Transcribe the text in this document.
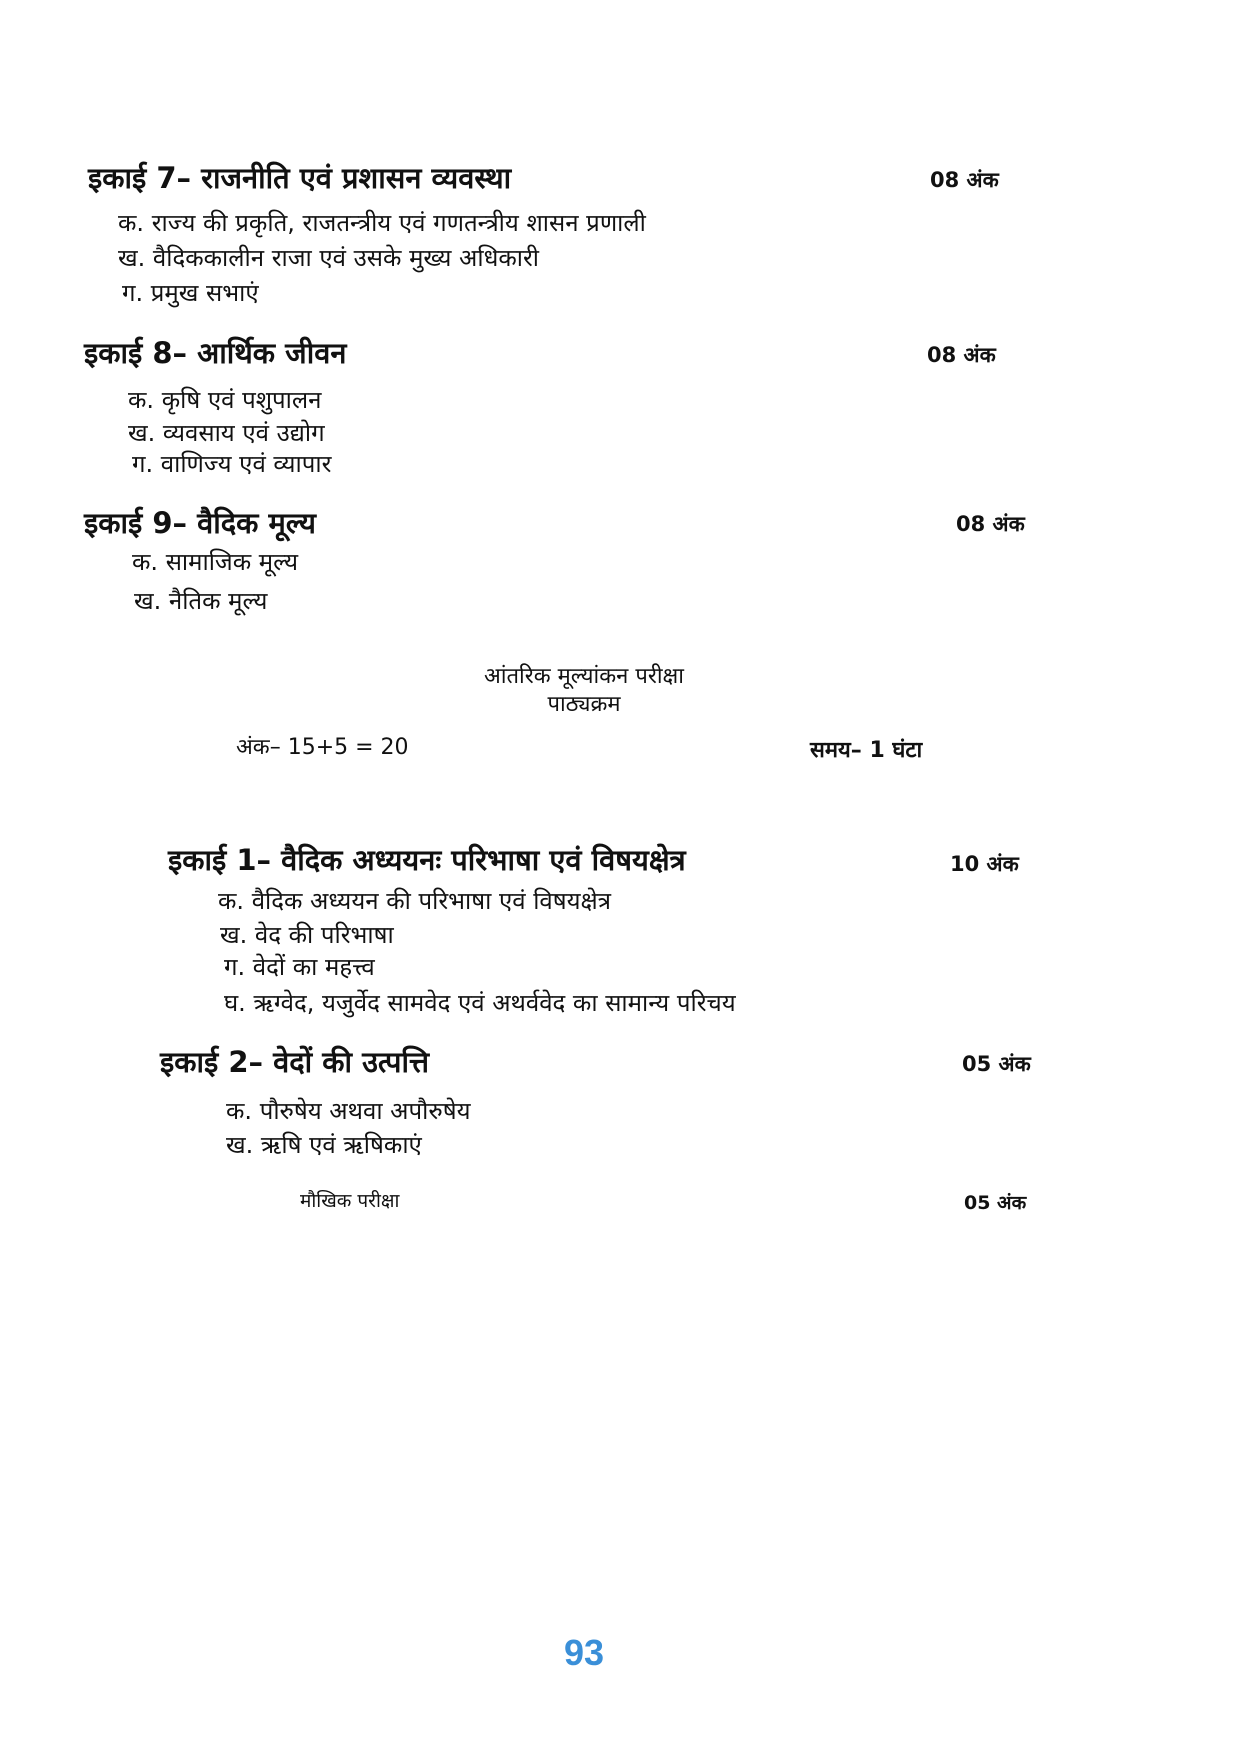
इकाई 7– राजनीति एवं प्रशासन व्यवस्था	08 अंक
क. राज्य की प्रकृति, राजतन्त्रीय एवं गणतन्त्रीय शासन प्रणाली
ख. वैदिककालीन राजा एवं उसके मुख्य अधिकारी
ग. प्रमुख सभाएं
इकाई 8– आर्थिक जीवन	08 अंक
क. कृषि एवं पशुपालन
ख. व्यवसाय एवं उद्योग
ग. वाणिज्य एवं व्यापार
इकाई 9– वैदिक मूल्य	08 अंक
क. सामाजिक मूल्य
ख. नैतिक मूल्य
आंतरिक मूल्यांकन परीक्षा
पाठ्यक्रम
अंक– 15+5 = 20	समय– 1 घंटा
इकाई 1– वैदिक अध्ययनः परिभाषा एवं विषयक्षेत्र	10 अंक
क. वैदिक अध्ययन की परिभाषा एवं विषयक्षेत्र
ख. वेद की परिभाषा
ग. वेदों का महत्त्व
घ. ऋग्वेद, यजुर्वेद सामवेद एवं अथर्ववेद का सामान्य परिचय
इकाई 2– वेदों की उत्पत्ति	05 अंक
क. पौरुषेय अथवा अपौरुषेय
ख. ऋषि एवं ऋषिकाएं
मौखिक परीक्षा	05 अंक
93
